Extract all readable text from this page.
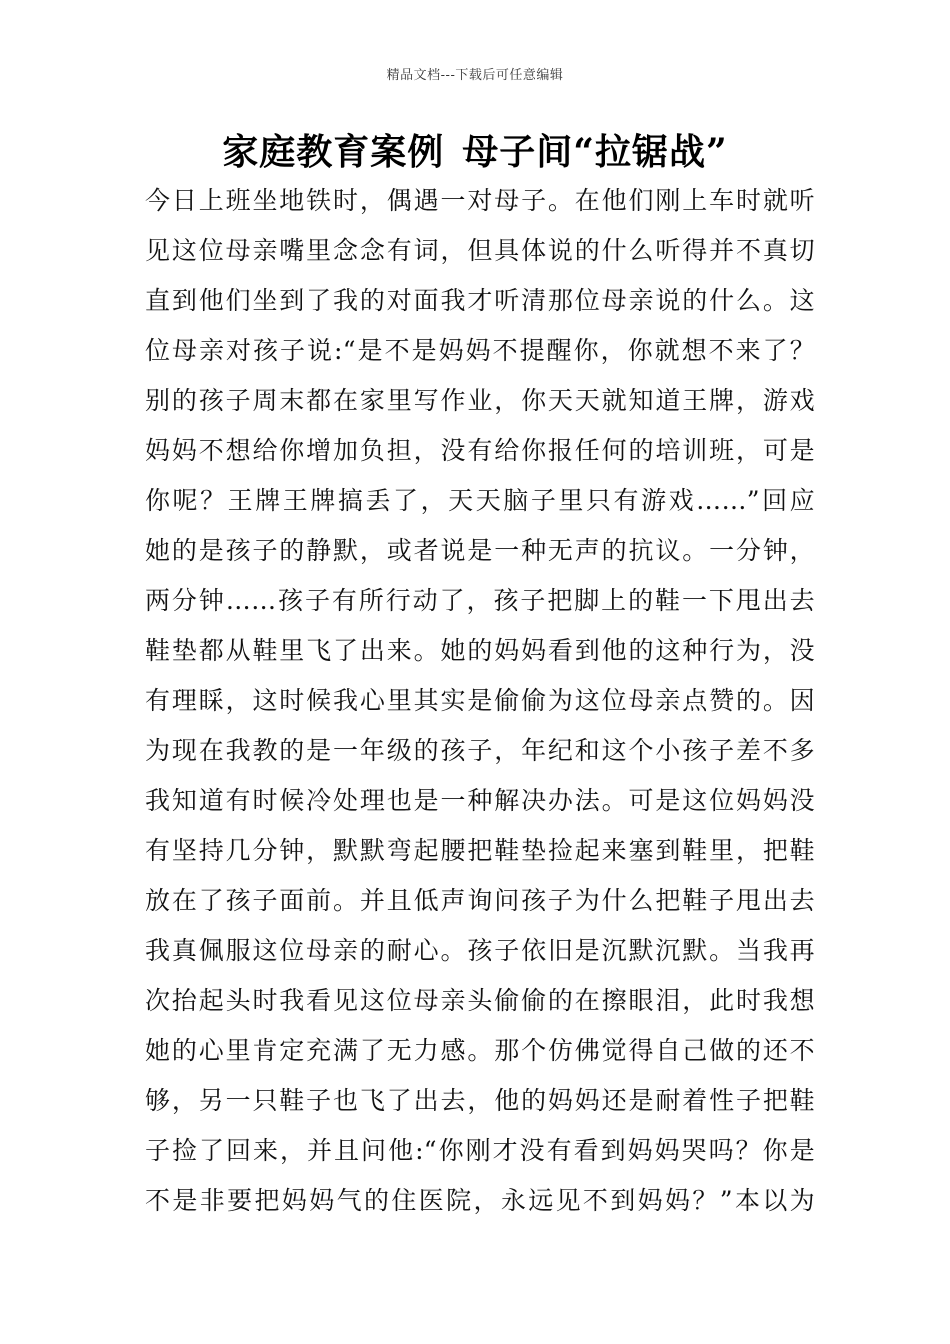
精品文档---下载后可任意编辑
家庭教育案例 母子间“拉锯战”
今日上班坐地铁时，偶遇一对母子。在他们刚上车时就听
见这位母亲嘴里念念有词，但具体说的什么听得并不真切
直到他们坐到了我的对面我才听清那位母亲说的什么。这
位母亲对孩子说:“是不是妈妈不提醒你，你就想不来了？
别的孩子周末都在家里写作业，你天天就知道王牌，游戏
妈妈不想给你增加负担，没有给你报任何的培训班，可是
你呢？王牌王牌搞丢了，天天脑子里只有游戏……”回应
她的是孩子的静默，或者说是一种无声的抗议。一分钟，
两分钟……孩子有所行动了，孩子把脚上的鞋一下甩出去
鞋垫都从鞋里飞了出来。她的妈妈看到他的这种行为，没
有理睬，这时候我心里其实是偷偷为这位母亲点赞的。因
为现在我教的是一年级的孩子，年纪和这个小孩子差不多
我知道有时候冷处理也是一种解决办法。可是这位妈妈没
有坚持几分钟，默默弯起腰把鞋垫捡起来塞到鞋里，把鞋
放在了孩子面前。并且低声询问孩子为什么把鞋子甩出去
我真佩服这位母亲的耐心。孩子依旧是沉默沉默。当我再
次抬起头时我看见这位母亲头偷偷的在擦眼泪，此时我想
她的心里肯定充满了无力感。那个仿佛觉得自己做的还不
够，另一只鞋子也飞了出去，他的妈妈还是耐着性子把鞋
子捡了回来，并且问他:“你刚才没有看到妈妈哭吗？你是
不是非要把妈妈气的住医院，永远见不到妈妈？”本以为
